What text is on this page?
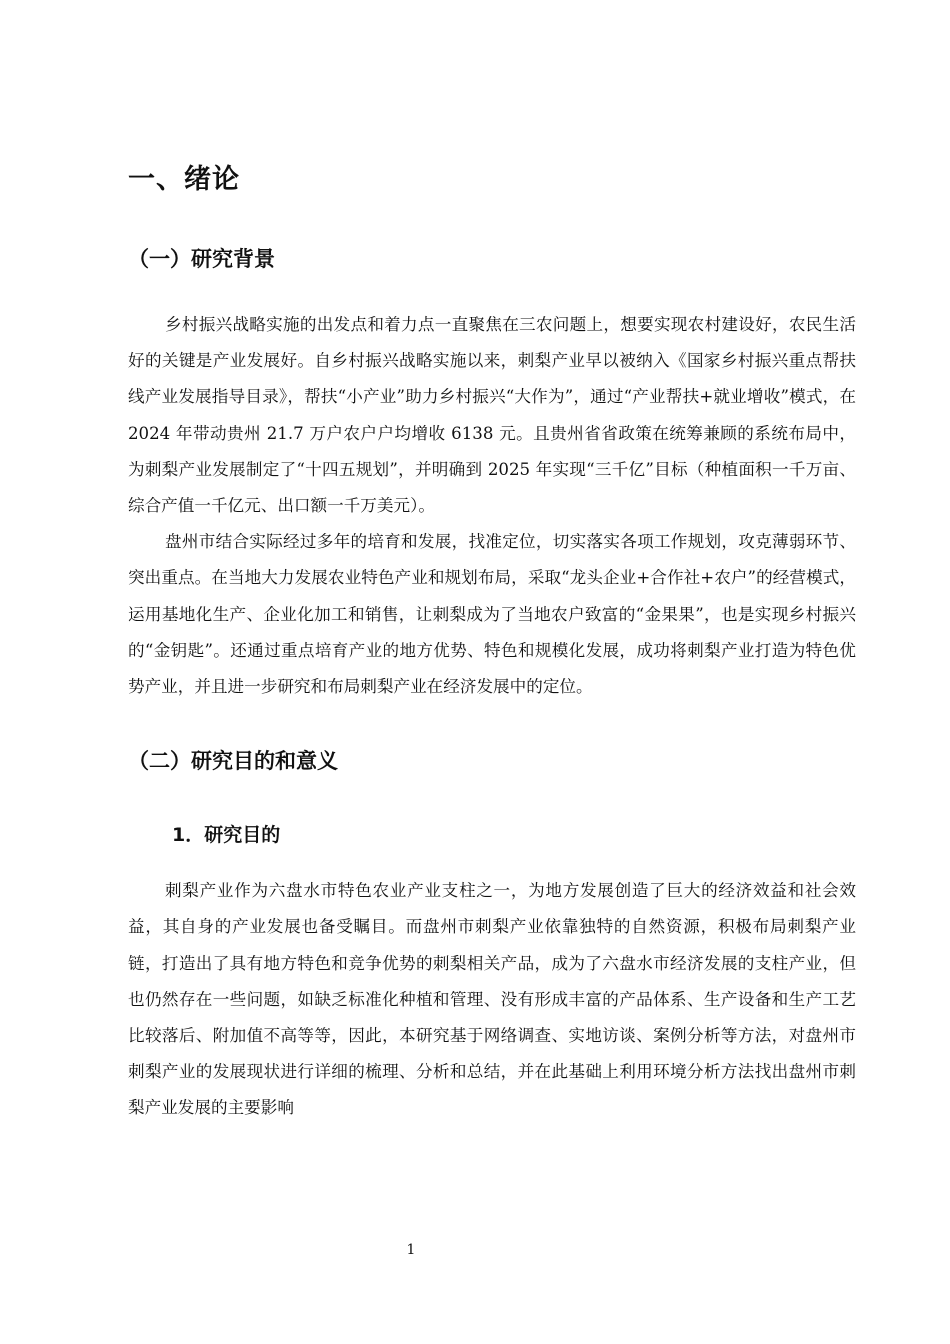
一、绪论
（一）研究背景

乡村振兴战略实施的出发点和着力点一直聚焦在三农问题上，想要实现农村建设好，农民生活好的关键是产业发展好。自乡村振兴战略实施以来，刺梨产业早以被纳入《国家乡村振兴重点帮扶线产业发展指导目录》，帮扶“小产业”助力乡村振兴“大作为”，通过“产业帮扶+就业增收”模式，在 2024 年带动贵州 21.7 万户农户户均增收 6138 元。且贵州省省政策在统筹兼顾的系统布局中，为刺梨产业发展制定了“十四五规划”，并明确到 2025 年实现“三千亿”目标（种植面积一千万亩、综合产值一千亿元、出口额一千万美元）。

盘州市结合实际经过多年的培育和发展，找准定位，切实落实各项工作规划，攻克薄弱环节、突出重点。在当地大力发展农业特色产业和规划布局，采取“龙头企业+合作社+农户”的经营模式，运用基地化生产、企业化加工和销售，让刺梨成为了当地农户致富的“金果果”，也是实现乡村振兴的“金钥匙”。还通过重点培育产业的地方优势、特色和规模化发展，成功将刺梨产业打造为特色优势产业，并且进一步研究和布局刺梨产业在经济发展中的定位。

（二）研究目的和意义
1．研究目的

刺梨产业作为六盘水市特色农业产业支柱之一，为地方发展创造了巨大的经济效益和社会效益，其自身的产业发展也备受瞩目。而盘州市刺梨产业依靠独特的自然资源，积极布局刺梨产业链，打造出了具有地方特色和竞争优势的刺梨相关产品，成为了六盘水市经济发展的支柱产业，但也仍然存在一些问题，如缺乏标准化种植和管理、没有形成丰富的产品体系、生产设备和生产工艺比较落后、附加值不高等等，因此，本研究基于网络调查、实地访谈、案例分析等方法，对盘州市刺梨产业的发展现状进行详细的梳理、分析和总结，并在此基础上利用环境分析方法找出盘州市刺梨产业发展的主要影响

1
